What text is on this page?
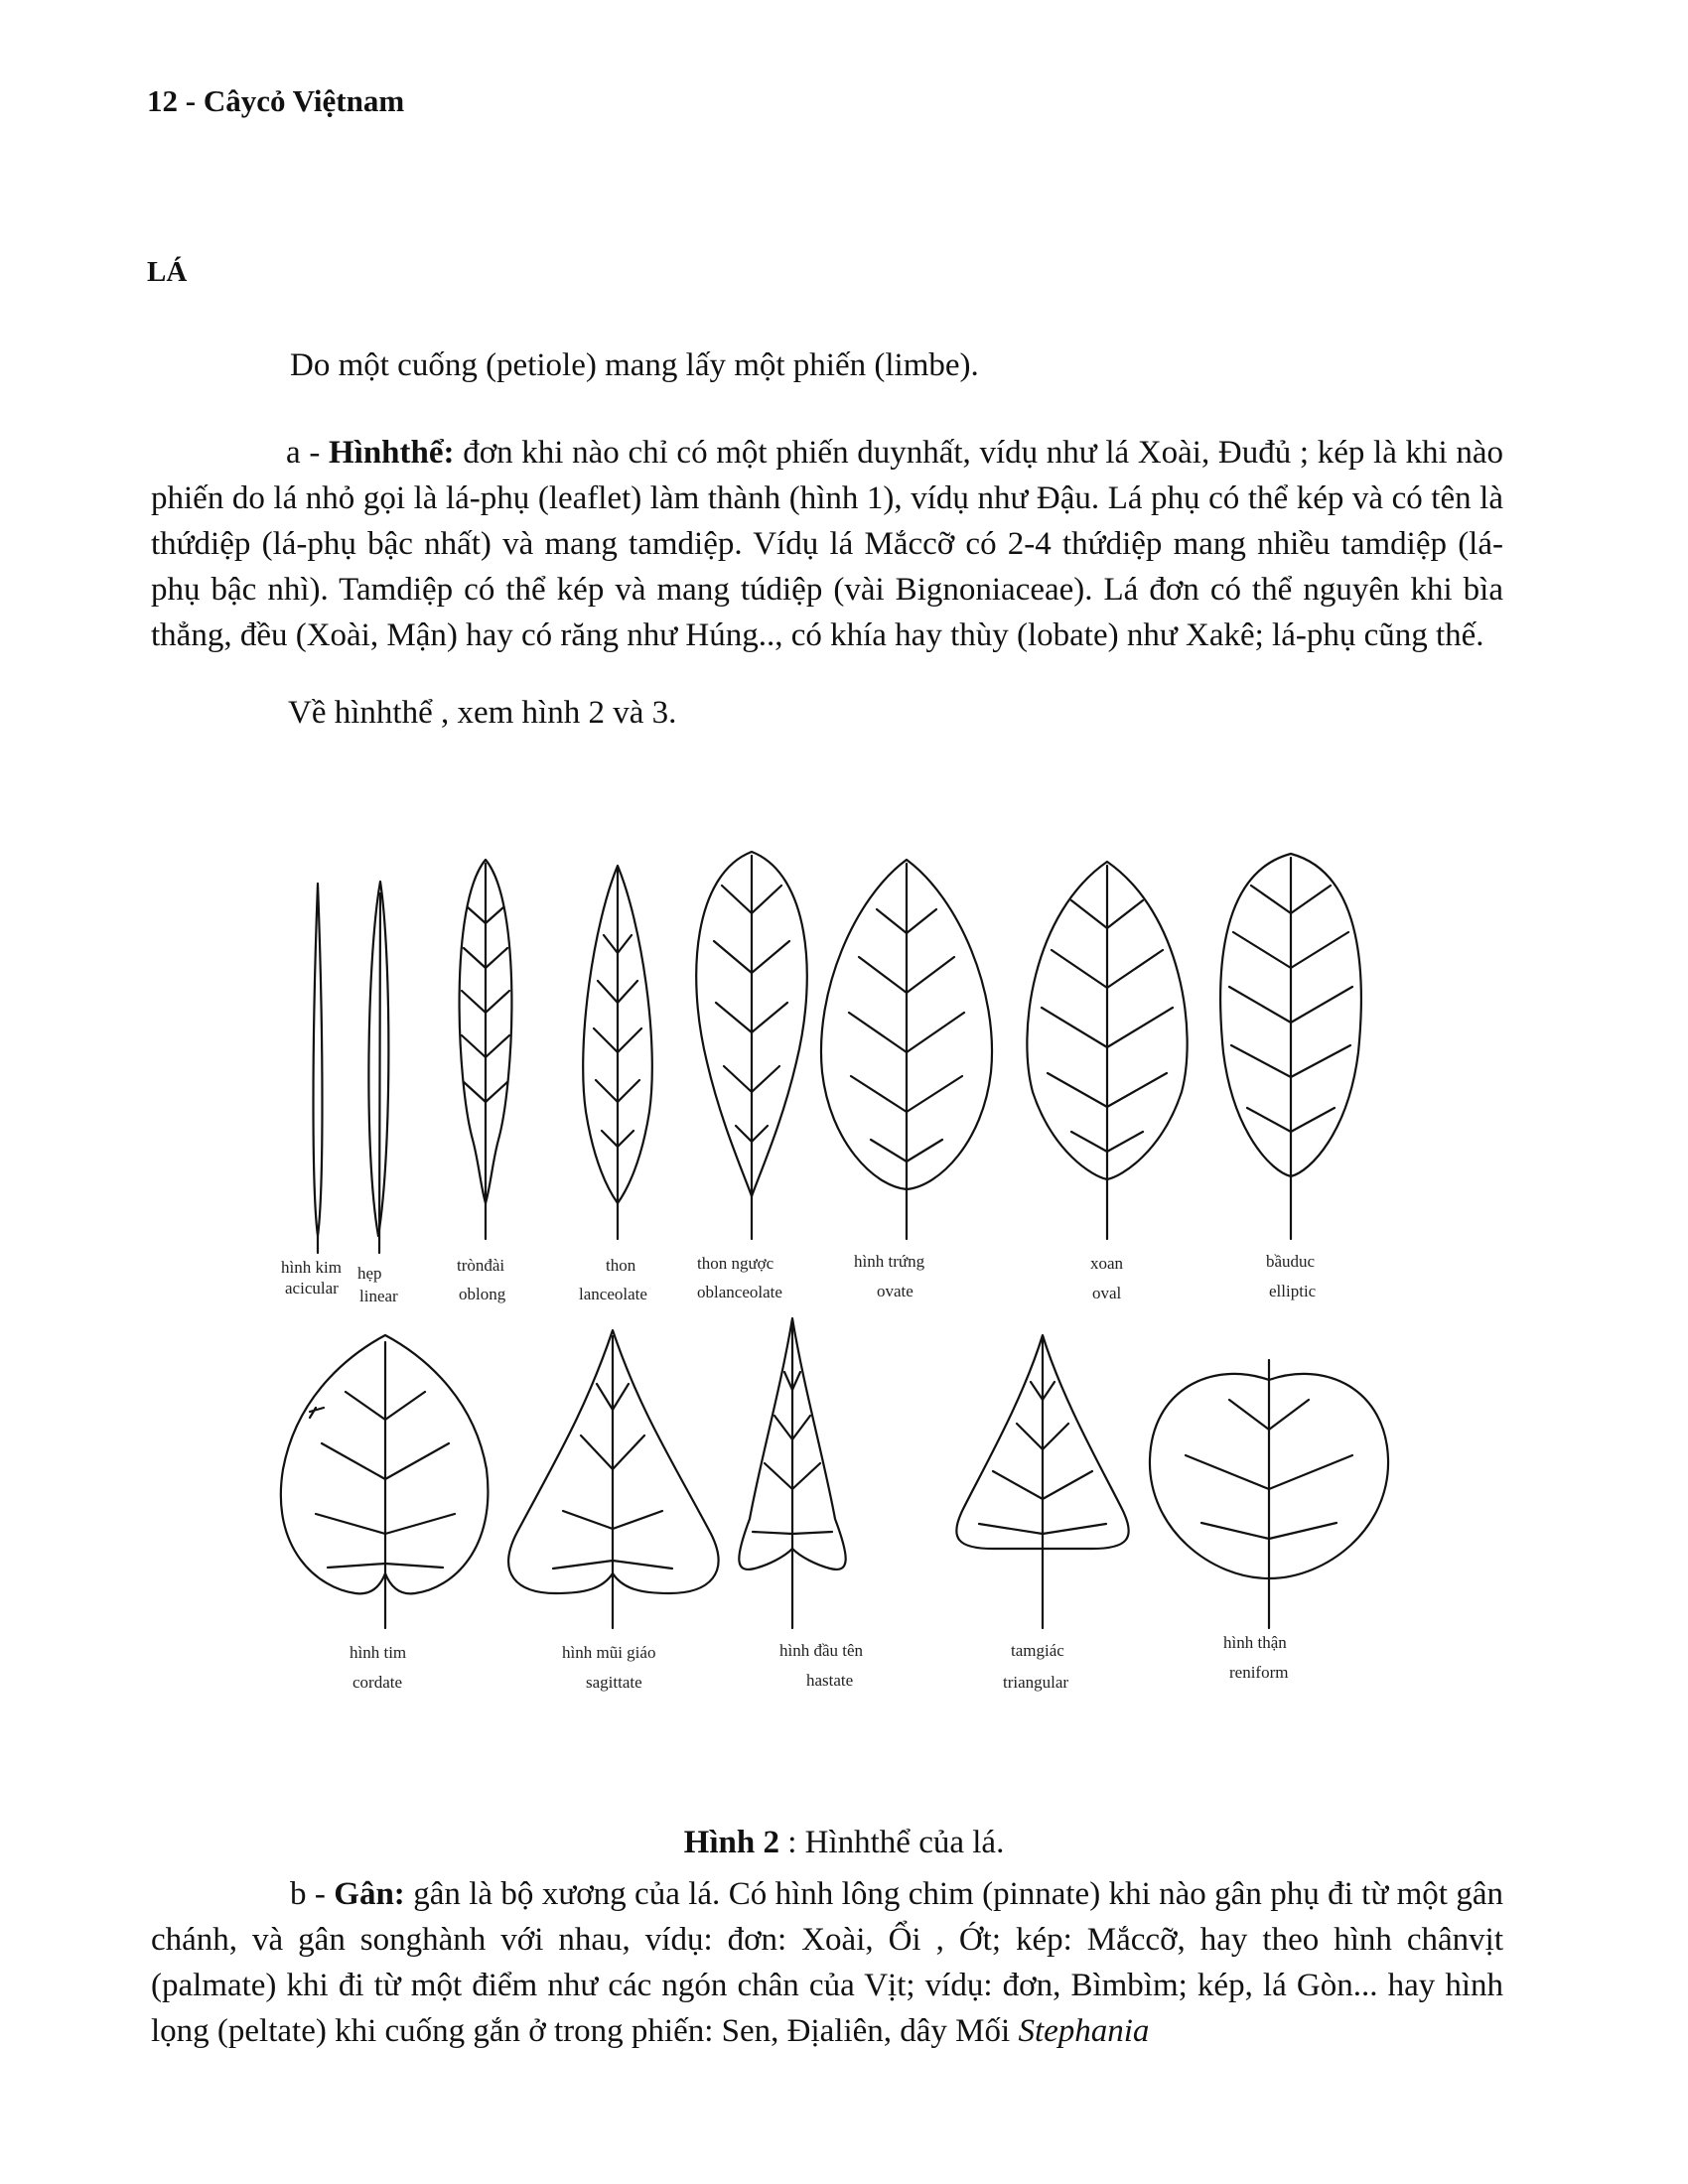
12 - Câycỏ Việtnam
LÁ
Do một cuống (petiole) mang lấy một phiến (limbe).
a - Hìnhthể: đơn khi nào chỉ có một phiến duynhất, vídụ như lá Xoài, Đuđủ ; kép là khi nào phiến do lá nhỏ gọi là lá-phụ (leaflet) làm thành (hình 1), vídụ như Đậu. Lá phụ có thể kép và có tên là thứdiệp (lá-phụ bậc nhất) và mang tamdiệp. Vídụ lá Mắccỡ có 2-4 thứdiệp mang nhiều tamdiệp (lá-phụ bậc nhì). Tamdiệp có thể kép và mang túdiệp (vài Bignoniaceae). Lá đơn có thể nguyên khi bìa thẳng, đều (Xoài, Mận) hay có răng như Húng.., có khía hay thùy (lobate) như Xakê; lá-phụ cũng thế.
Về hìnhthể , xem hình 2 và 3.
hình kim
acicular
hẹp
linear
trònđài
oblong
thon
lanceolate
thon ngược
oblanceolate
hình trứng
ovate
xoan
oval
bầuduc
elliptic
hình tim
cordate
hình mũi giáo
sagittate
hình đầu tên
hastate
tamgiác
triangular
hình thận
reniform
Hình 2 : Hìnhthể của lá.
b - Gân: gân là bộ xương của lá. Có hình lông chim (pinnate) khi nào gân phụ đi từ một gân chánh, và gân songhành với nhau, vídụ: đơn: Xoài, Ổi , Ớt; kép: Mắccỡ, hay theo hình chânvịt (palmate) khi đi từ một điểm như các ngón chân của Vịt; vídụ: đơn, Bìmbìm; kép, lá Gòn... hay hình lọng (peltate) khi cuống gắn ở trong phiến: Sen, Địaliên, dây Mối Stephania
